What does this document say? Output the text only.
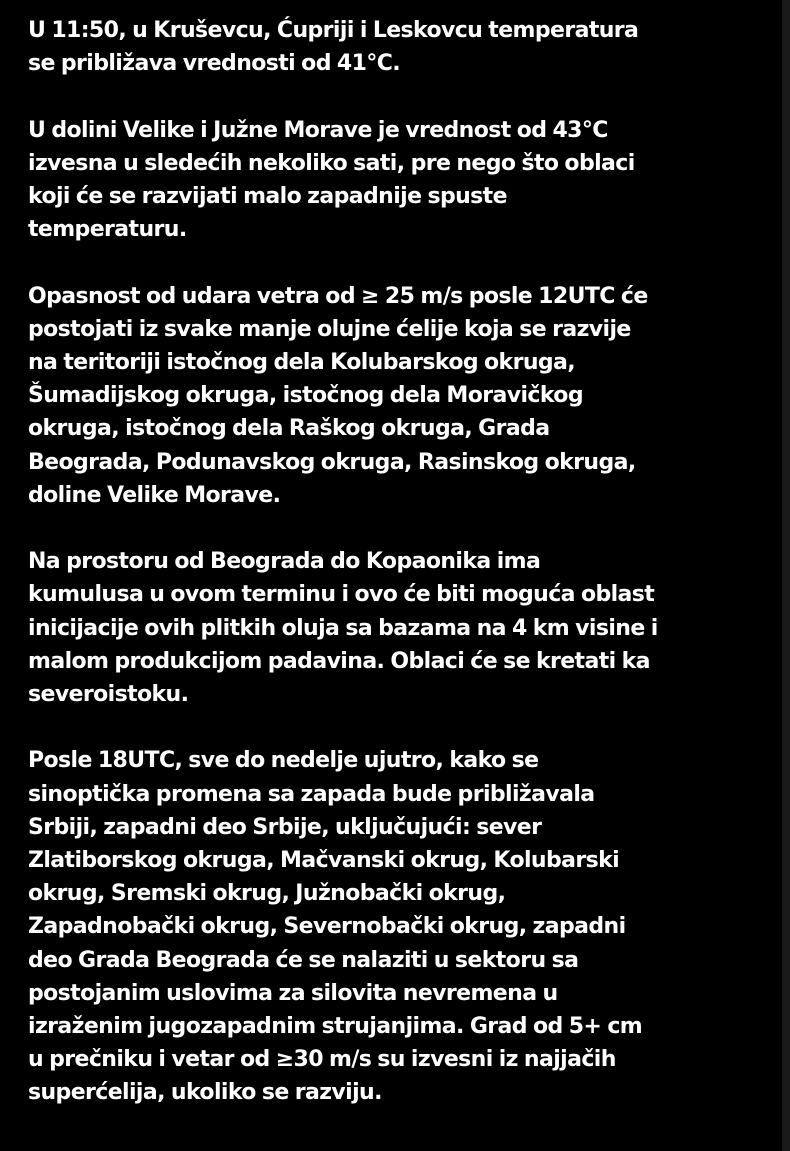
U 11:50, u Kruševcu, Ćupriji i Leskovcu temperatura
se približava vrednosti od 41°C.

U dolini Velike i Južne Morave je vrednost od 43°C
izvesna u sledećih nekoliko sati, pre nego što oblaci
koji će se razvijati malo zapadnije spuste
temperaturu.

Opasnost od udara vetra od ≥ 25 m/s posle 12UTC će
postojati iz svake manje olujne ćelije koja se razvije
na teritoriji istočnog dela Kolubarskog okruga,
Šumadijskog okruga, istočnog dela Moravičkog
okruga, istočnog dela Raškog okruga, Grada
Beograda, Podunavskog okruga, Rasinskog okruga,
doline Velike Morave.

Na prostoru od Beograda do Kopaonika ima
kumulusa u ovom terminu i ovo će biti moguća oblast
inicijacije ovih plitkih oluja sa bazama na 4 km visine i
malom produkcijom padavina. Oblaci će se kretati ka
severoistoku.

Posle 18UTC, sve do nedelje ujutro, kako se
sinoptička promena sa zapada bude približavala
Srbiji, zapadni deo Srbije, uključujući: sever
Zlatiborskog okruga, Mačvanski okrug, Kolubarski
okrug, Sremski okrug, Južnobački okrug,
Zapadnobački okrug, Severnobački okrug, zapadni
deo Grada Beograda će se nalaziti u sektoru sa
postojanim uslovima za silovita nevremena u
izraženim jugozapadnim strujanjima. Grad od 5+ cm
u prečniku i vetar od ≥30 m/s su izvesni iz najjačih
superćelija, ukoliko se razviju.
